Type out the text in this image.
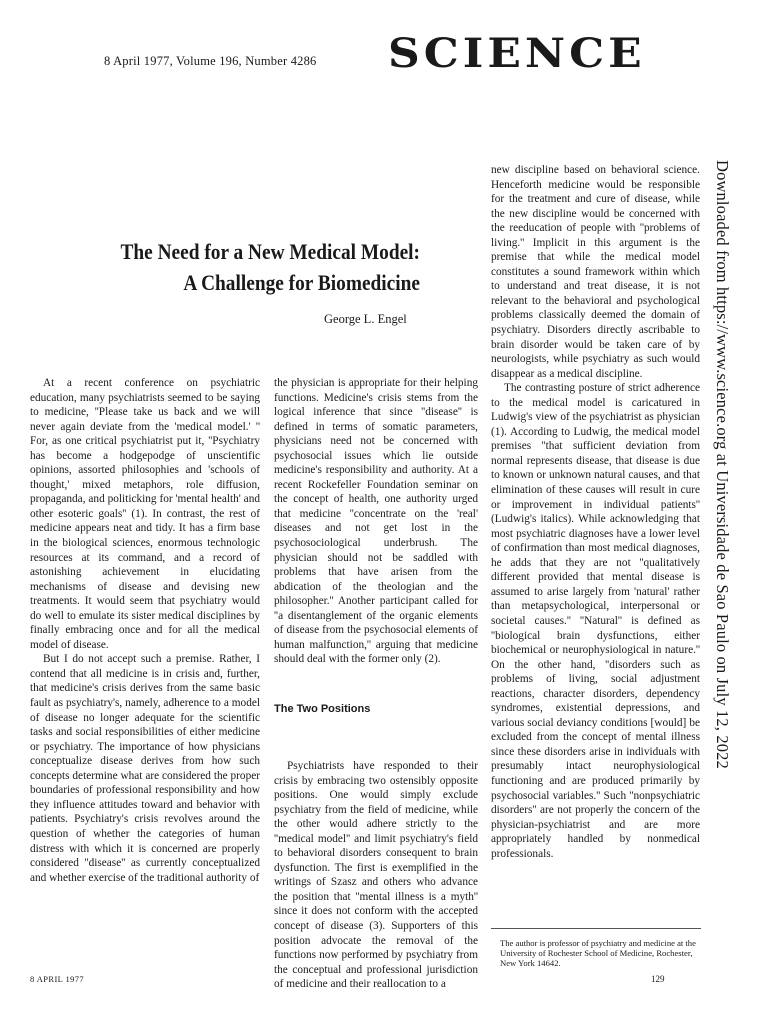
8 April 1977, Volume 196, Number 4286 SCIENCE
The Need for a New Medical Model:
A Challenge for Biomedicine
George L. Engel

At a recent conference on psychiatric education, many psychiatrists seemed to be saying to medicine, ''Please take us back and we will never again deviate from the 'medical model.' '' For, as one critical psychiatrist put it, ''Psychiatry has become a hodgepodge of unscientific opinions, assorted philosophies and 'schools of thought,' mixed metaphors, role diffusion, propaganda, and politicking for 'mental health' and other esoteric goals'' (1). In contrast, the rest of medicine appears neat and tidy. It has a firm base in the biological sciences, enormous technologic resources at its command, and a record of astonishing achievement in elucidating mechanisms of disease and devising new treatments. It would seem that psychiatry would do well to emulate its sister medical disciplines by finally embracing once and for all the medical model of disease.

But I do not accept such a premise. Rather, I contend that all medicine is in crisis and, further, that medicine's crisis derives from the same basic fault as psychiatry's, namely, adherence to a model of disease no longer adequate for the scientific tasks and social responsibilities of either medicine or psychiatry. The importance of how physicians conceptualize disease derives from how such concepts determine what are considered the proper boundaries of professional responsibility and how they influence attitudes toward and behavior with patients. Psychiatry's crisis revolves around the question of whether the categories of human distress with which it is concerned are properly considered ''disease'' as currently conceptualized and whether exercise of the traditional authority of

the physician is appropriate for their helping functions. Medicine's crisis stems from the logical inference that since ''disease'' is defined in terms of somatic parameters, physicians need not be concerned with psychosocial issues which lie outside medicine's responsibility and authority. At a recent Rockefeller Foundation seminar on the concept of health, one authority urged that medicine ''concentrate on the 'real' diseases and not get lost in the psychosociological underbrush. The physician should not be saddled with problems that have arisen from the abdication of the theologian and the philosopher.'' Another participant called for ''a disentanglement of the organic elements of disease from the psychosocial elements of human malfunction,'' arguing that medicine should deal with the former only (2).

The Two Positions

Psychiatrists have responded to their crisis by embracing two ostensibly opposite positions. One would simply exclude psychiatry from the field of medicine, while the other would adhere strictly to the ''medical model'' and limit psychiatry's field to behavioral disorders consequent to brain dysfunction. The first is exemplified in the writings of Szasz and others who advance the position that ''mental illness is a myth'' since it does not conform with the accepted concept of disease (3). Supporters of this position advocate the removal of the functions now performed by psychiatry from the conceptual and professional jurisdiction of medicine and their reallocation to a

new discipline based on behavioral science. Henceforth medicine would be responsible for the treatment and cure of disease, while the new discipline would be concerned with the reeducation of people with ''problems of living.'' Implicit in this argument is the premise that while the medical model constitutes a sound framework within which to understand and treat disease, it is not relevant to the behavioral and psychological problems classically deemed the domain of psychiatry. Disorders directly ascribable to brain disorder would be taken care of by neurologists, while psychiatry as such would disappear as a medical discipline.

The contrasting posture of strict adherence to the medical model is caricatured in Ludwig's view of the psychiatrist as physician (1). According to Ludwig, the medical model premises ''that sufficient deviation from normal represents disease, that disease is due to known or unknown natural causes, and that elimination of these causes will result in cure or improvement in individual patients'' (Ludwig's italics). While acknowledging that most psychiatric diagnoses have a lower level of confirmation than most medical diagnoses, he adds that they are not ''qualitatively different provided that mental disease is assumed to arise largely from 'natural' rather than metapsychological, interpersonal or societal causes.'' ''Natural'' is defined as ''biological brain dysfunctions, either biochemical or neurophysiological in nature.'' On the other hand, ''disorders such as problems of living, social adjustment reactions, character disorders, dependency syndromes, existential depressions, and various social deviancy conditions [would] be excluded from the concept of mental illness since these disorders arise in individuals with presumably intact neurophysiological functioning and are produced primarily by psychosocial variables.'' Such ''nonpsychiatric disorders'' are not properly the concern of the physician-psychiatrist and are more appropriately handled by nonmedical professionals.

The author is professor of psychiatry and medicine at the University of Rochester School of Medicine, Rochester, New York 14642.
8 APRIL 1977	129
Downloaded from https://www.science.org at Universidade de Sao Paulo on July 12, 2022
